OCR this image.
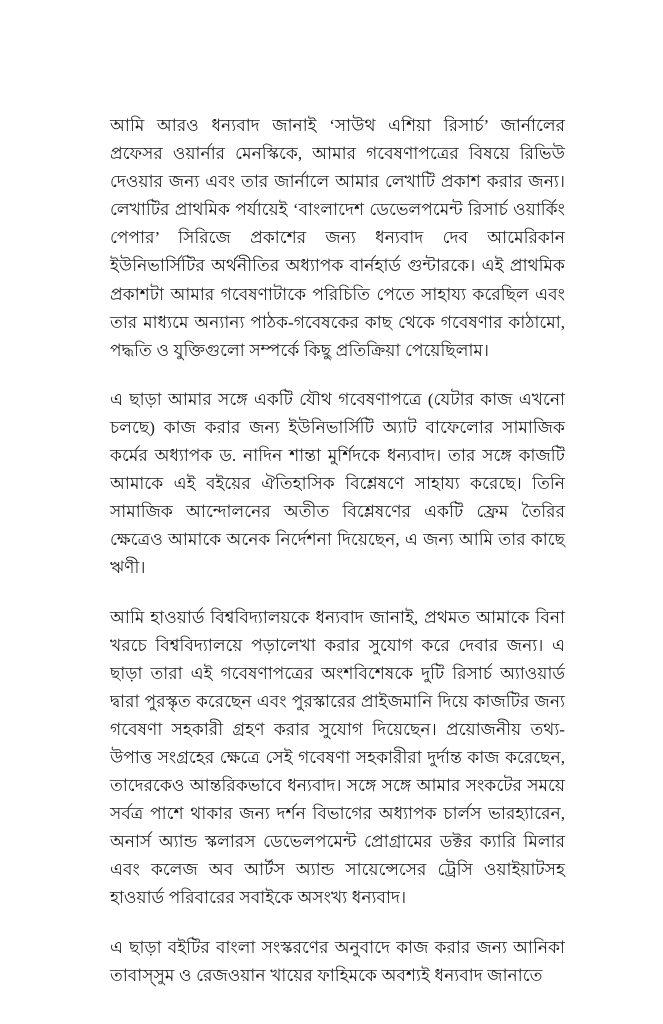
আমি আরও ধন্যবাদ জানাই ‘সাউথ এশিয়া রিসার্চ’ জার্নালের প্রফেসর ওয়ার্নার মেনস্কিকে, আমার গবেষণাপত্রের বিষয়ে রিভিউ দেওয়ার জন্য এবং তার জার্নালে আমার লেখাটি প্রকাশ করার জন্য। লেখাটির প্রাথমিক পর্যায়েই ‘বাংলাদেশ ডেভেলপমেন্ট রিসার্চ ওয়ার্কিং পেপার’ সিরিজে প্রকাশের জন্য ধন্যবাদ দেব আমেরিকান ইউনিভার্সিটির অর্থনীতির অধ্যাপক বার্নহার্ড গুন্টারকে। এই প্রাথমিক প্রকাশটা আমার গবেষণাটাকে পরিচিতি পেতে সাহায্য করেছিল এবং তার মাধ্যমে অন্যান্য পাঠক-গবেষকের কাছ থেকে গবেষণার কাঠামো, পদ্ধতি ও যুক্তিগুলো সম্পর্কে কিছু প্রতিক্রিয়া পেয়েছিলাম।

এ ছাড়া আমার সঙ্গে একটি যৌথ গবেষণাপত্রে (যেটার কাজ এখনো চলছে) কাজ করার জন্য ইউনিভার্সিটি অ্যাট বাফেলোর সামাজিক কর্মের অধ্যাপক ড. নাদিন শান্তা মুর্শিদকে ধন্যবাদ। তার সঙ্গে কাজটি আমাকে এই বইয়ের ঐতিহাসিক বিশ্লেষণে সাহায্য করেছে। তিনি সামাজিক আন্দোলনের অতীত বিশ্লেষণের একটি ফ্রেম তৈরির ক্ষেত্রেও আমাকে অনেক নির্দেশনা দিয়েছেন, এ জন্য আমি তার কাছে ঋণী।

আমি হাওয়ার্ড বিশ্ববিদ্যালয়কে ধন্যবাদ জানাই, প্রথমত আমাকে বিনা খরচে বিশ্ববিদ্যালয়ে পড়ালেখা করার সুযোগ করে দেবার জন্য। এ ছাড়া তারা এই গবেষণাপত্রের অংশবিশেষকে দুটি রিসার্চ অ্যাওয়ার্ড দ্বারা পুরস্কৃত করেছেন এবং পুরস্কারের প্রাইজমানি দিয়ে কাজটির জন্য গবেষণা সহকারী গ্রহণ করার সুযোগ দিয়েছেন। প্রয়োজনীয় তথ্য-উপাত্ত সংগ্রহের ক্ষেত্রে সেই গবেষণা সহকারীরা দুর্দান্ত কাজ করেছেন, তাদেরকেও আন্তরিকভাবে ধন্যবাদ। সঙ্গে সঙ্গে আমার সংকটের সময়ে সর্বত্র পাশে থাকার জন্য দর্শন বিভাগের অধ্যাপক চার্লস ভারহ্যারেন, অনার্স অ্যান্ড স্কলারস ডেভেলপমেন্ট প্রোগ্রামের ডক্টর ক্যারি মিলার এবং কলেজ অব আর্টস অ্যান্ড সায়েন্সেসের ট্রেসি ওয়াইয়াটসহ হাওয়ার্ড পরিবারের সবাইকে অসংখ্য ধন্যবাদ।

এ ছাড়া বইটির বাংলা সংস্করণের অনুবাদে কাজ করার জন্য আনিকা তাবাস্সুম ও রেজওয়ান খায়ের ফাহিমকে অবশ্যই ধন্যবাদ জানাতে
